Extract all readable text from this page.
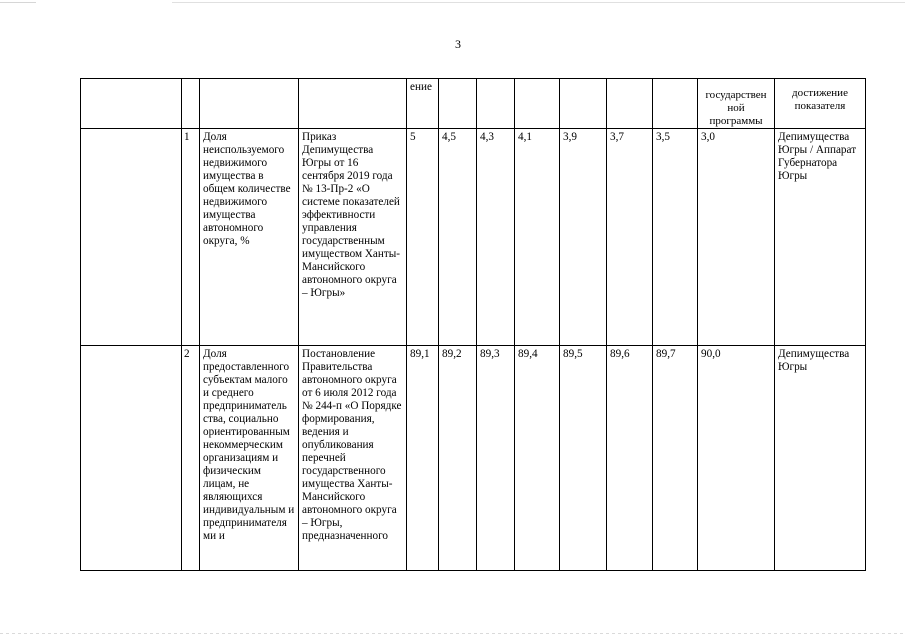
3
				ение							государствен ной программы	достижение показателя

	1	Доля неиспользуемого недвижимого имущества в общем количестве недвижимого имущества автономного округа, %	Приказ Депимущества Югры от 16 сентября 2019 года № 13-Пр-2 «О системе показателей эффективности управления государственным имуществом Ханты-Мансийского автономного округа – Югры»	5	4,5	4,3	4,1	3,9	3,7	3,5	3,0	Депимущества Югры / Аппарат Губернатора Югры
	2	Доля предоставленного субъектам малого и среднего предприниматель ства, социально ориентированным некоммерческим организациям и физическим лицам, не являющихся индивидуальным и предпринимателя ми и	Постановление Правительства автономного округа от 6 июля 2012 года № 244-п «О Порядке формирования, ведения и опубликования перечней государственного имущества Ханты-Мансийского автономного округа – Югры, предназначенного	89,1	89,2	89,3	89,4	89,5	89,6	89,7	90,0	Депимущества Югры
